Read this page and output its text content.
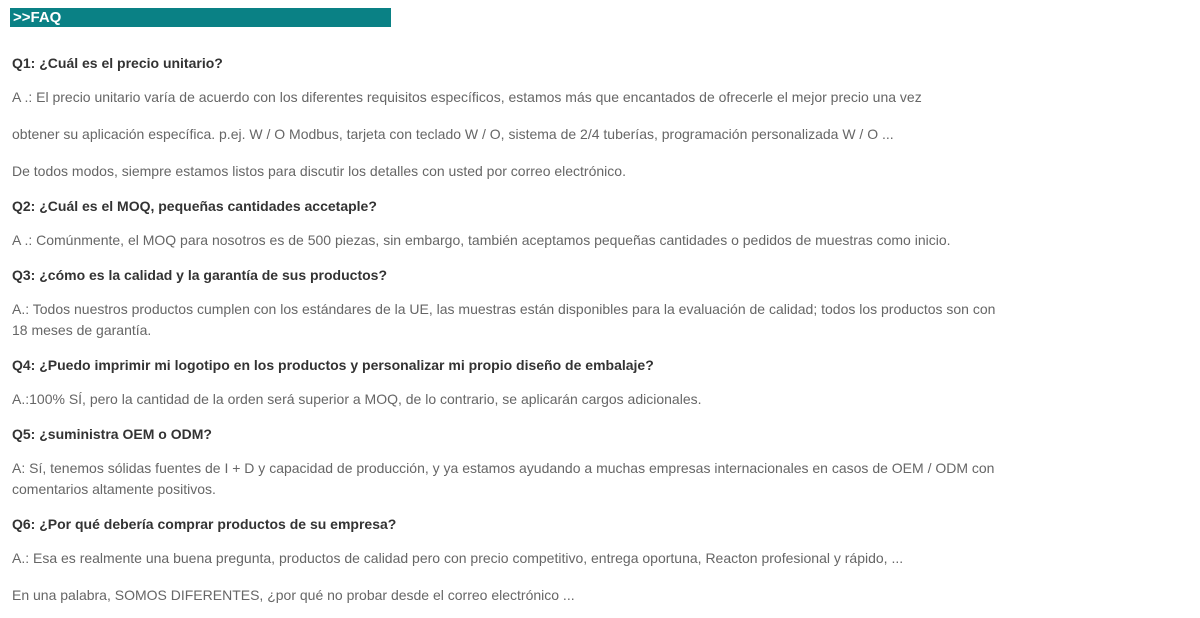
>>FAQ
Q1: ¿Cuál es el precio unitario?

A .: El precio unitario varía de acuerdo con los diferentes requisitos específicos, estamos más que encantados de ofrecerle el mejor precio una vez

obtener su aplicación específica. p.ej. W / O Modbus, tarjeta con teclado W / O, sistema de 2/4 tuberías, programación personalizada W / O ...

De todos modos, siempre estamos listos para discutir los detalles con usted por correo electrónico.

Q2: ¿Cuál es el MOQ, pequeñas cantidades accetaple?

A .: Comúnmente, el MOQ para nosotros es de 500 piezas, sin embargo, también aceptamos pequeñas cantidades o pedidos de muestras como inicio.

Q3: ¿cómo es la calidad y la garantía de sus productos?

A.: Todos nuestros productos cumplen con los estándares de la UE, las muestras están disponibles para la evaluación de calidad; todos los productos son con
18 meses de garantía.

Q4: ¿Puedo imprimir mi logotipo en los productos y personalizar mi propio diseño de embalaje?

A.:100% SÍ, pero la cantidad de la orden será superior a MOQ, de lo contrario, se aplicarán cargos adicionales.

Q5: ¿suministra OEM o ODM?

A: Sí, tenemos sólidas fuentes de I + D y capacidad de producción, y ya estamos ayudando a muchas empresas internacionales en casos de OEM / ODM con
comentarios altamente positivos.

Q6: ¿Por qué debería comprar productos de su empresa?

A.: Esa es realmente una buena pregunta, productos de calidad pero con precio competitivo, entrega oportuna, Reacton profesional y rápido, ...

En una palabra, SOMOS DIFERENTES, ¿por qué no probar desde el correo electrónico ...
